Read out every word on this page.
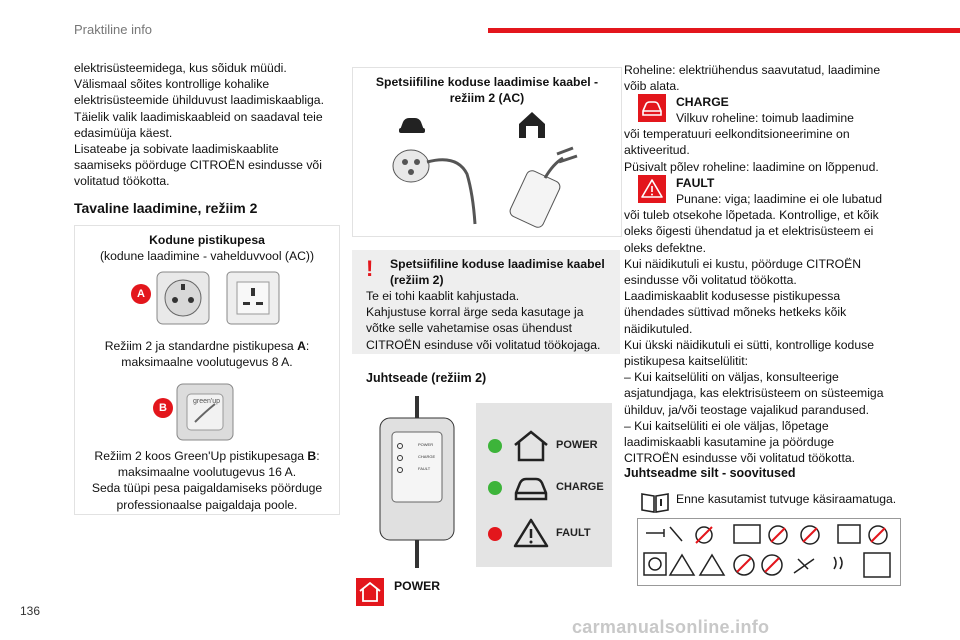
Praktiline info
elektrisüsteemidega, kus sõiduk müüdi.
Välismaal sõites kontrollige kohalike
elektrisüsteemide ühilduvust laadimiskaabliga.
Täielik valik laadimiskaableid on saadaval teie
edasimüüja käest.
Lisateabe ja sobivate laadimiskaablite
saamiseks pöörduge CITROËN esindusse või
volitatud töökotta.
Tavaline laadimine, režiim 2
Kodune pistikupesa
(kodune laadimine - vahelduvvool (AC))
A
Režiim 2 ja standardne pistikupesa A:
maksimaalne voolutugevus 8 A.
B
green'up
Režiim 2 koos Green'Up pistikupesaga B:
maksimaalne voolutugevus 16 A.
Seda tüüpi pesa paigaldamiseks pöörduge
professionaalse paigaldaja poole.
Spetsiifiline koduse laadimise kaabel -
režiim 2 (AC)
! Spetsiifiline koduse laadimise kaabel
(režiim 2)
Te ei tohi kaablit kahjustada.
Kahjustuse korral ärge seda kasutage ja
võtke selle vahetamise osas ühendust
CITROËN esinduse või volitatud töökojaga.
Juhtseade (režiim 2)
POWER
CHARGE
FAULT
POWER
CHARGE
FAULT
POWER
Roheline: elektriühendus saavutatud, laadimine
võib alata.
CHARGE
Vilkuv roheline: toimub laadimine
või temperatuuri eelkonditsioneerimine on
aktiveeritud.
Püsivalt põlev roheline: laadimine on lõppenud.
FAULT
Punane: viga; laadimine ei ole lubatud
või tuleb otsekohe lõpetada. Kontrollige, et kõik
oleks õigesti ühendatud ja et elektrisüsteem ei
oleks defektne.
Kui näidikutuli ei kustu, pöörduge CITROËN
esindusse või volitatud töökotta.
Laadimiskaablit kodusesse pistikupessa
ühendades süttivad mõneks hetkeks kõik
näidikutuled.
Kui ükski näidikutuli ei sütti, kontrollige koduse
pistikupesa kaitselülitit:
– Kui kaitselüliti on väljas, konsulteerige
asjatundjaga, kas elektrisüsteem on süsteemiga
ühilduv, ja/või teostage vajalikud parandused.
– Kui kaitselüliti ei ole väljas, lõpetage
laadimiskaabli kasutamine ja pöörduge
CITROËN esindusse või volitatud töökotta.
Juhtseadme silt - soovitused
Enne kasutamist tutvuge käsiraamatuga.
136
carmanualsonline.info
